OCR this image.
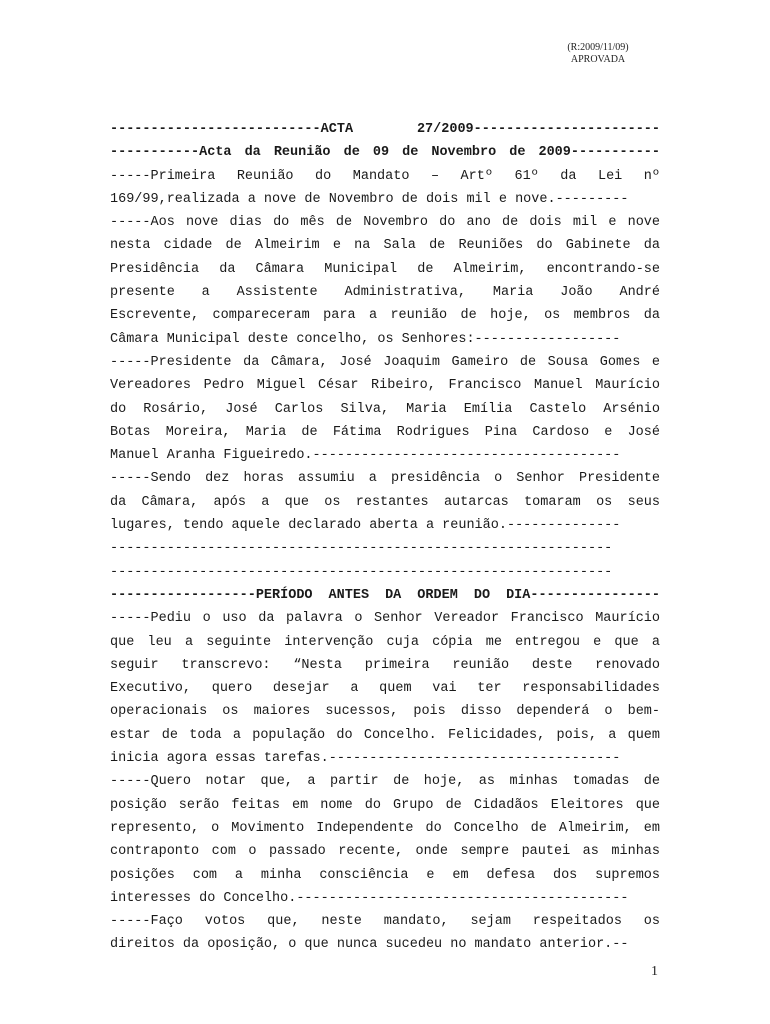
(R:2009/11/09)
APROVADA
--------------------------ACTA 27/2009-----------------------
-----------Acta da Reunião de 09 de Novembro de 2009-----------
-----Primeira Reunião do Mandato – Artº 61º da Lei nº
169/99,realizada a nove de Novembro de dois mil e nove.---------
-----Aos nove dias do mês de Novembro do ano de dois mil e nove
nesta cidade de Almeirim e na Sala de Reuniões do Gabinete da
Presidência da Câmara Municipal de Almeirim, encontrando-se
presente a Assistente Administrativa, Maria João André
Escrevente, compareceram para a reunião de hoje, os membros da
Câmara Municipal deste concelho, os Senhores:------------------
-----Presidente da Câmara, José Joaquim Gameiro de Sousa Gomes e
Vereadores Pedro Miguel César Ribeiro, Francisco Manuel Maurício
do Rosário, José Carlos Silva, Maria Emília Castelo Arsénio
Botas Moreira, Maria de Fátima Rodrigues Pina Cardoso e José
Manuel Aranha Figueiredo.--------------------------------------
-----Sendo dez horas assumiu a presidência o Senhor Presidente
da Câmara, após a que os restantes autarcas tomaram os seus
lugares, tendo aquele declarado aberta a reunião.--------------
--------------------------------------------------------------
--------------------------------------------------------------
------------------PERÍODO ANTES DA ORDEM DO DIA----------------
-----Pediu o uso da palavra o Senhor Vereador Francisco Maurício
que leu a seguinte intervenção cuja cópia me entregou e que a
seguir transcrevo: “Nesta primeira reunião deste renovado
Executivo, quero desejar a quem vai ter responsabilidades
operacionais os maiores sucessos, pois disso dependerá o bem-
estar de toda a população do Concelho. Felicidades, pois, a quem
inicia agora essas tarefas.------------------------------------
-----Quero notar que, a partir de hoje, as minhas tomadas de
posição serão feitas em nome do Grupo de Cidadãos Eleitores que
represento, o Movimento Independente do Concelho de Almeirim, em
contraponto com o passado recente, onde sempre pautei as minhas
posições com a minha consciência e em defesa dos supremos
interesses do Concelho.-----------------------------------------
-----Faço votos que, neste mandato, sejam respeitados os
direitos da oposição, o que nunca sucedeu no mandato anterior.--
1
